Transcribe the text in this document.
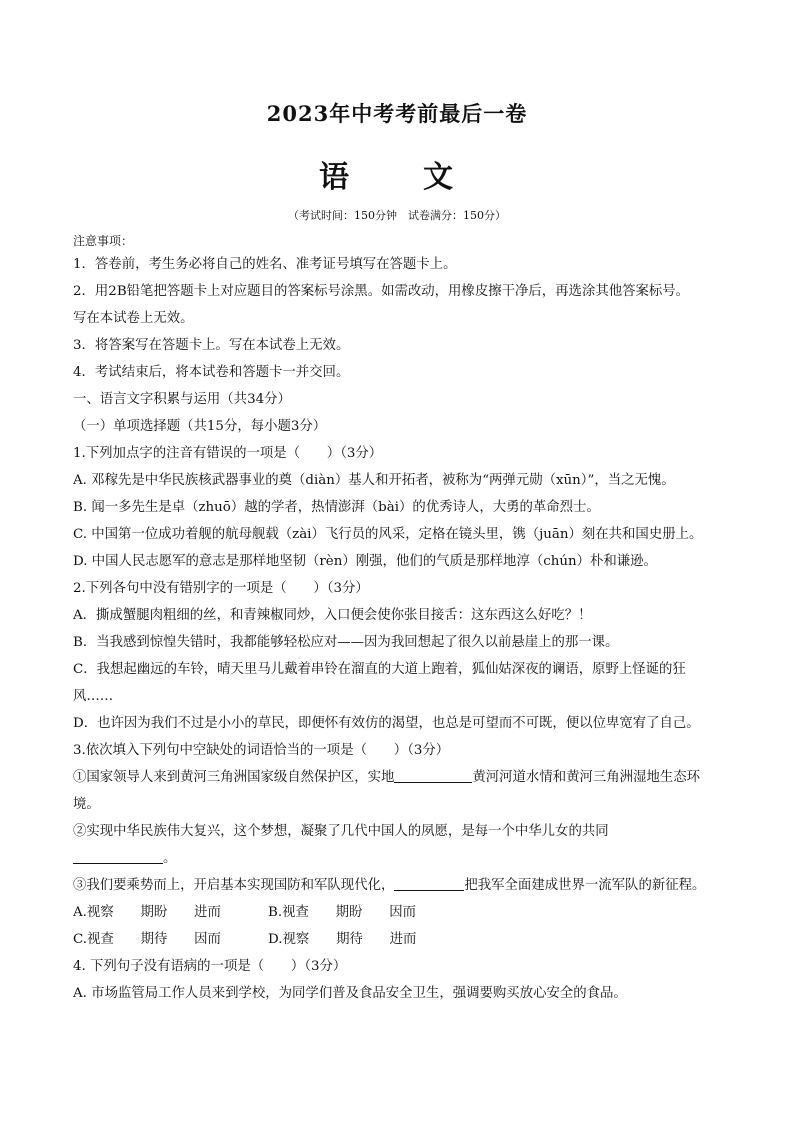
2023年中考考前最后一卷
语　文
（考试时间：150分钟　试卷满分：150分）
注意事项：
1．答卷前，考生务必将自己的姓名、准考证号填写在答题卡上。
2．用2B铅笔把答题卡上对应题目的答案标号涂黑。如需改动，用橡皮擦干净后，再选涂其他答案标号。
写在本试卷上无效。
3．将答案写在答题卡上。写在本试卷上无效。
4．考试结束后，将本试卷和答题卡一并交回。
一、语言文字积累与运用（共34分）
（一）单项选择题（共15分，每小题3分）
1.下列加点字的注音有错误的一项是（　　）（3分）
A. 邓稼先是中华民族核武器事业的奠（diàn）基人和开拓者，被称为“两弹元勋（xūn）”，当之无愧。
B. 闻一多先生是卓（zhuō）越的学者，热情澎湃（bài）的优秀诗人，大勇的革命烈士。
C. 中国第一位成功着舰的航母舰载（zài）飞行员的风采，定格在镜头里，镌（juān）刻在共和国史册上。
D. 中国人民志愿军的意志是那样地坚韧（rèn）刚强，他们的气质是那样地淳（chún）朴和谦逊。
2.下列各句中没有错别字的一项是（　　）（3分）
A．撕成蟹腿肉粗细的丝，和青辣椒同炒，入口便会使你张目接舌：这东西这么好吃？！
B．当我感到惊惶失错时，我都能够轻松应对——因为我回想起了很久以前悬崖上的那一课。
C．我想起幽远的车铃，晴天里马儿戴着串铃在溜直的大道上跑着，狐仙姑深夜的谰语，原野上怪诞的狂
风……
D．也许因为我们不过是小小的草民，即便怀有效仿的渴望，也总是可望而不可既，便以位卑宽宥了自己。
3.依次填入下列句中空缺处的词语恰当的一项是（　　）（3分）
①国家领导人来到黄河三角洲国家级自然保护区，实地	黄河河道水情和黄河三角洲湿地生态环
境。
②实现中华民族伟大复兴，这个梦想，凝聚了几代中国人的夙愿，是每一个中华儿女的共同
。
③我们要乘势而上，开启基本实现国防和军队现代化，	把我军全面建成世界一流军队的新征程。
A.视察　　期盼　　进而	B.视查　　期盼　　因而
C.视查　　期待　　因而	D.视察　　期待　　进而
4. 下列句子没有语病的一项是（　　）（3分）
A. 市场监管局工作人员来到学校，为同学们普及食品安全卫生，强调要购买放心安全的食品。
